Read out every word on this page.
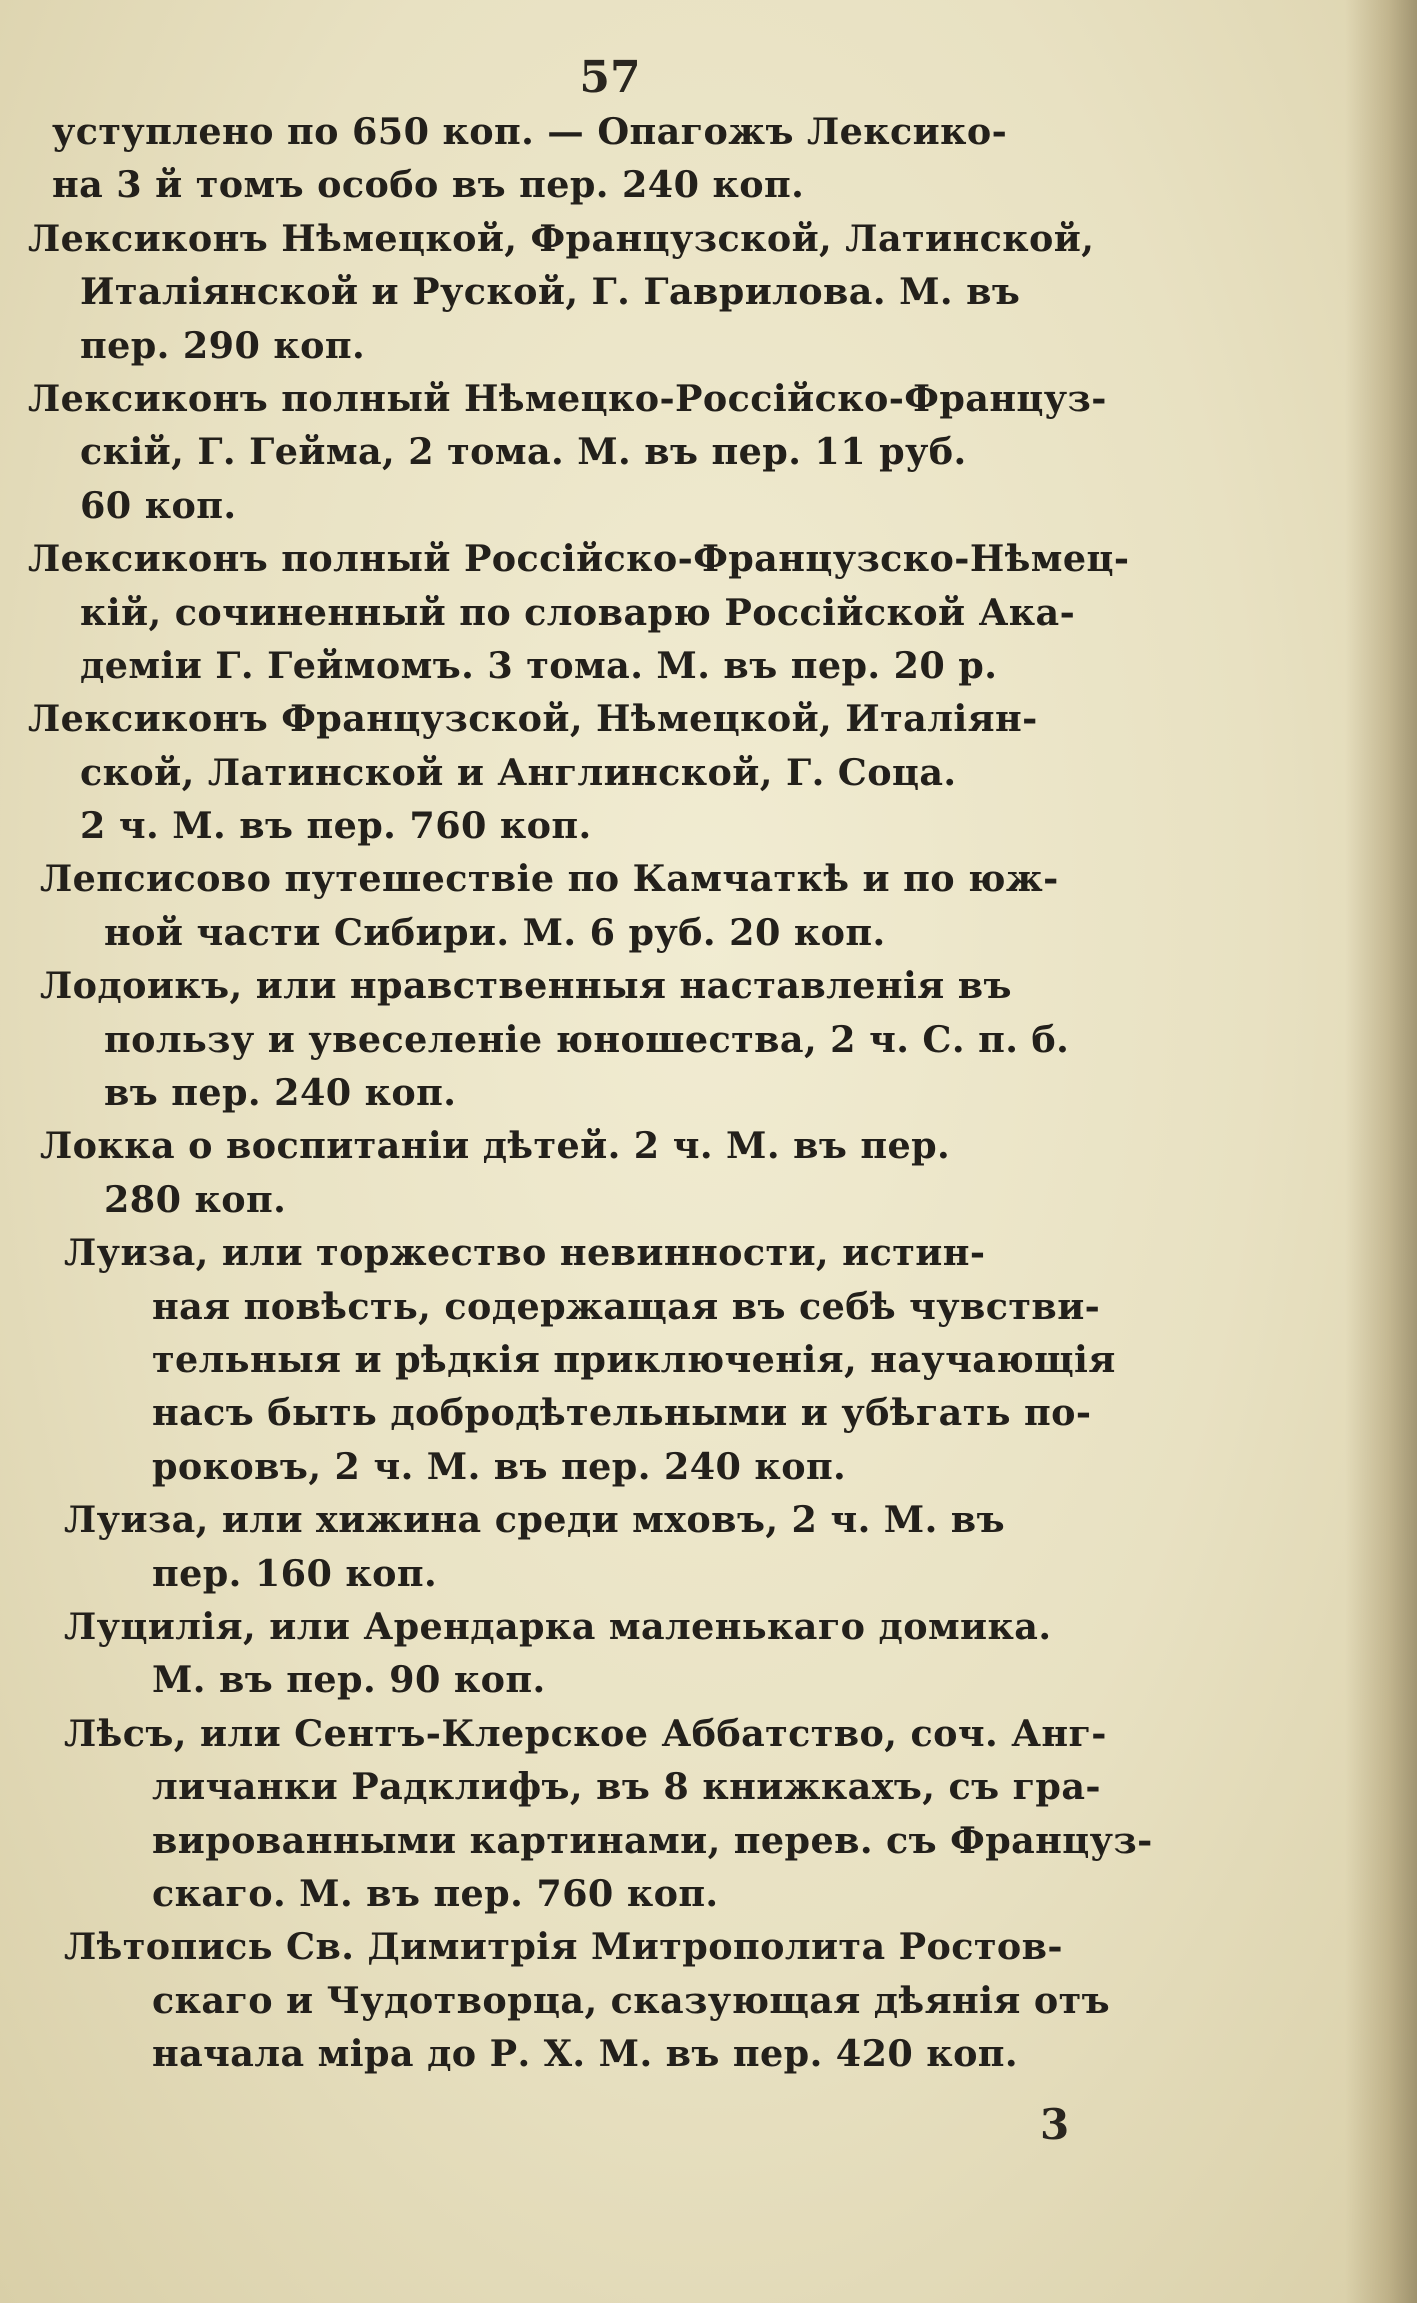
57
уступлено по 650 коп. — Опагожъ Лексико-
на 3 й томъ особо въ пер. 240 коп.
Лексиконъ Нѣмецкой, Французской, Латинской,
Италіянской и Руской, Г. Гаврилова. М. въ
пер. 290 коп.
Лексиконъ полный Нѣмецко-Россійско-Француз-
скій, Г. Гейма, 2 тома. М. въ пер. 11 руб.
60 коп.
Лексиконъ полный Россійско-Французско-Нѣмец-
кій, сочиненный по словарю Россійской Ака-
деміи Г. Геймомъ. 3 тома. М. въ пер. 20 р.
Лексиконъ Французской, Нѣмецкой, Италіян-
ской, Латинской и Англинской, Г. Соца.
2 ч. М. въ пер. 760 коп.
Лепсисово путешествіе по Камчаткѣ и по юж-
ной части Сибири. М. 6 руб. 20 коп.
Лодоикъ, или нравственныя наставленія въ
пользу и увеселеніе юношества, 2 ч. С. п. б.
въ пер. 240 коп.
Локка о воспитаніи дѣтей. 2 ч. М. въ пер.
280 коп.
Луиза, или торжество невинности, истин-
ная повѣсть, содержащая въ себѣ чувстви-
тельныя и рѣдкія приключенія, научающія
насъ быть добродѣтельными и убѣгать по-
роковъ, 2 ч. М. въ пер. 240 коп.
Луиза, или хижина среди мховъ, 2 ч. М. въ
пер. 160 коп.
Луцилія, или Арендарка маленькаго домика.
М. въ пер. 90 коп.
Лѣсъ, или Сентъ-Клерское Аббатство, соч. Анг-
личанки Радклифъ, въ 8 книжкахъ, съ гра-
вированными картинами, перев. съ Француз-
скаго. М. въ пер. 760 коп.
Лѣтопись Св. Димитрія Митрополита Ростов-
скаго и Чудотворца, сказующая дѣянія отъ
начала міра до Р. Х. М. въ пер. 420 коп.
3
